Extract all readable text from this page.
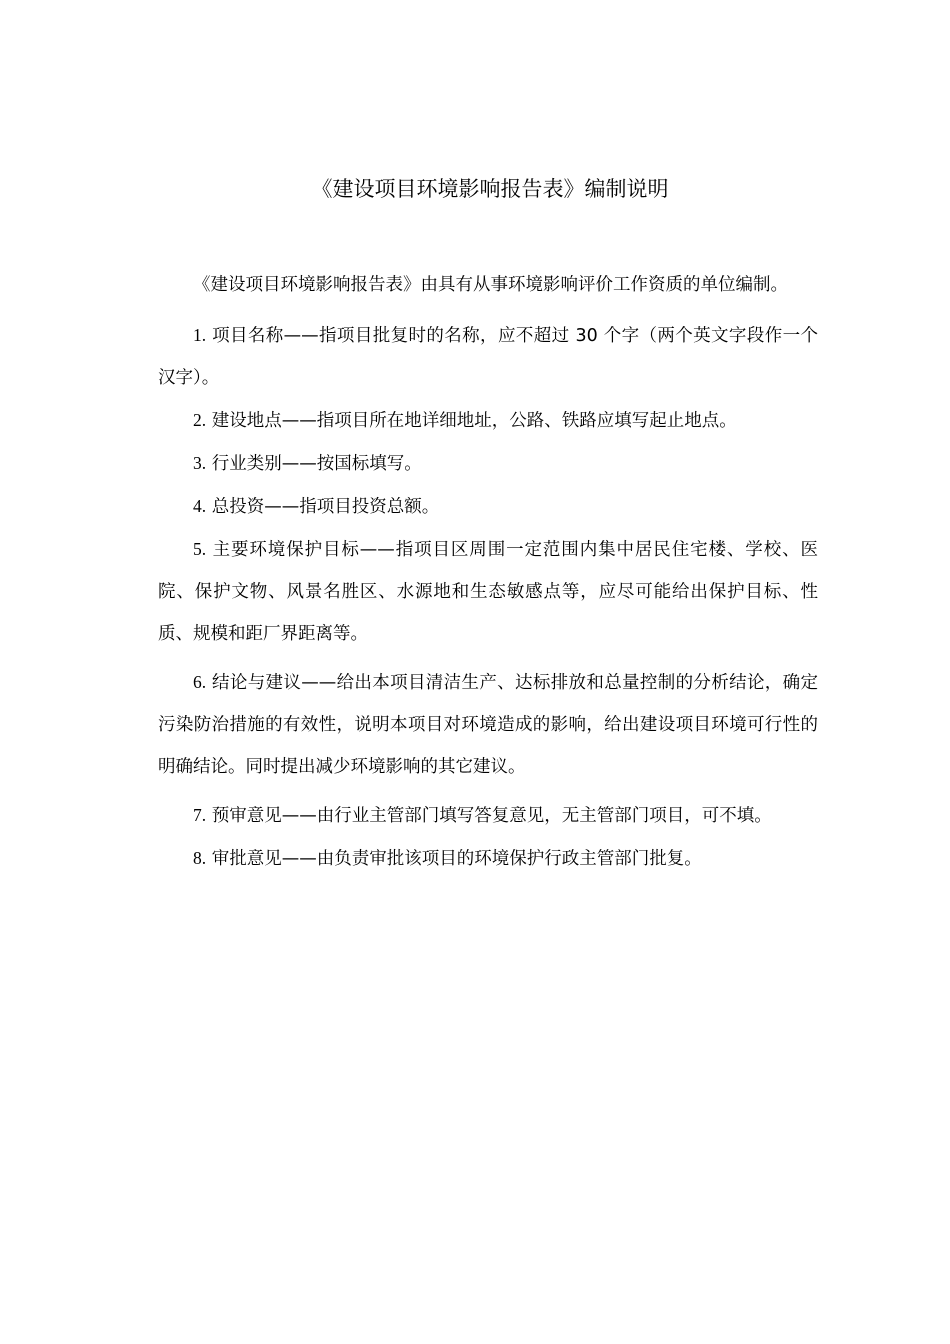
《建设项目环境影响报告表》编制说明

《建设项目环境影响报告表》由具有从事环境影响评价工作资质的单位编制。

1. 项目名称——指项目批复时的名称，应不超过 30 个字（两个英文字段作一个汉字）。

2. 建设地点——指项目所在地详细地址，公路、铁路应填写起止地点。

3. 行业类别——按国标填写。

4. 总投资——指项目投资总额。

5. 主要环境保护目标——指项目区周围一定范围内集中居民住宅楼、学校、医院、保护文物、风景名胜区、水源地和生态敏感点等，应尽可能给出保护目标、性质、规模和距厂界距离等。

6. 结论与建议——给出本项目清洁生产、达标排放和总量控制的分析结论，确定污染防治措施的有效性，说明本项目对环境造成的影响，给出建设项目环境可行性的明确结论。同时提出减少环境影响的其它建议。

7. 预审意见——由行业主管部门填写答复意见，无主管部门项目，可不填。

8. 审批意见——由负责审批该项目的环境保护行政主管部门批复。
